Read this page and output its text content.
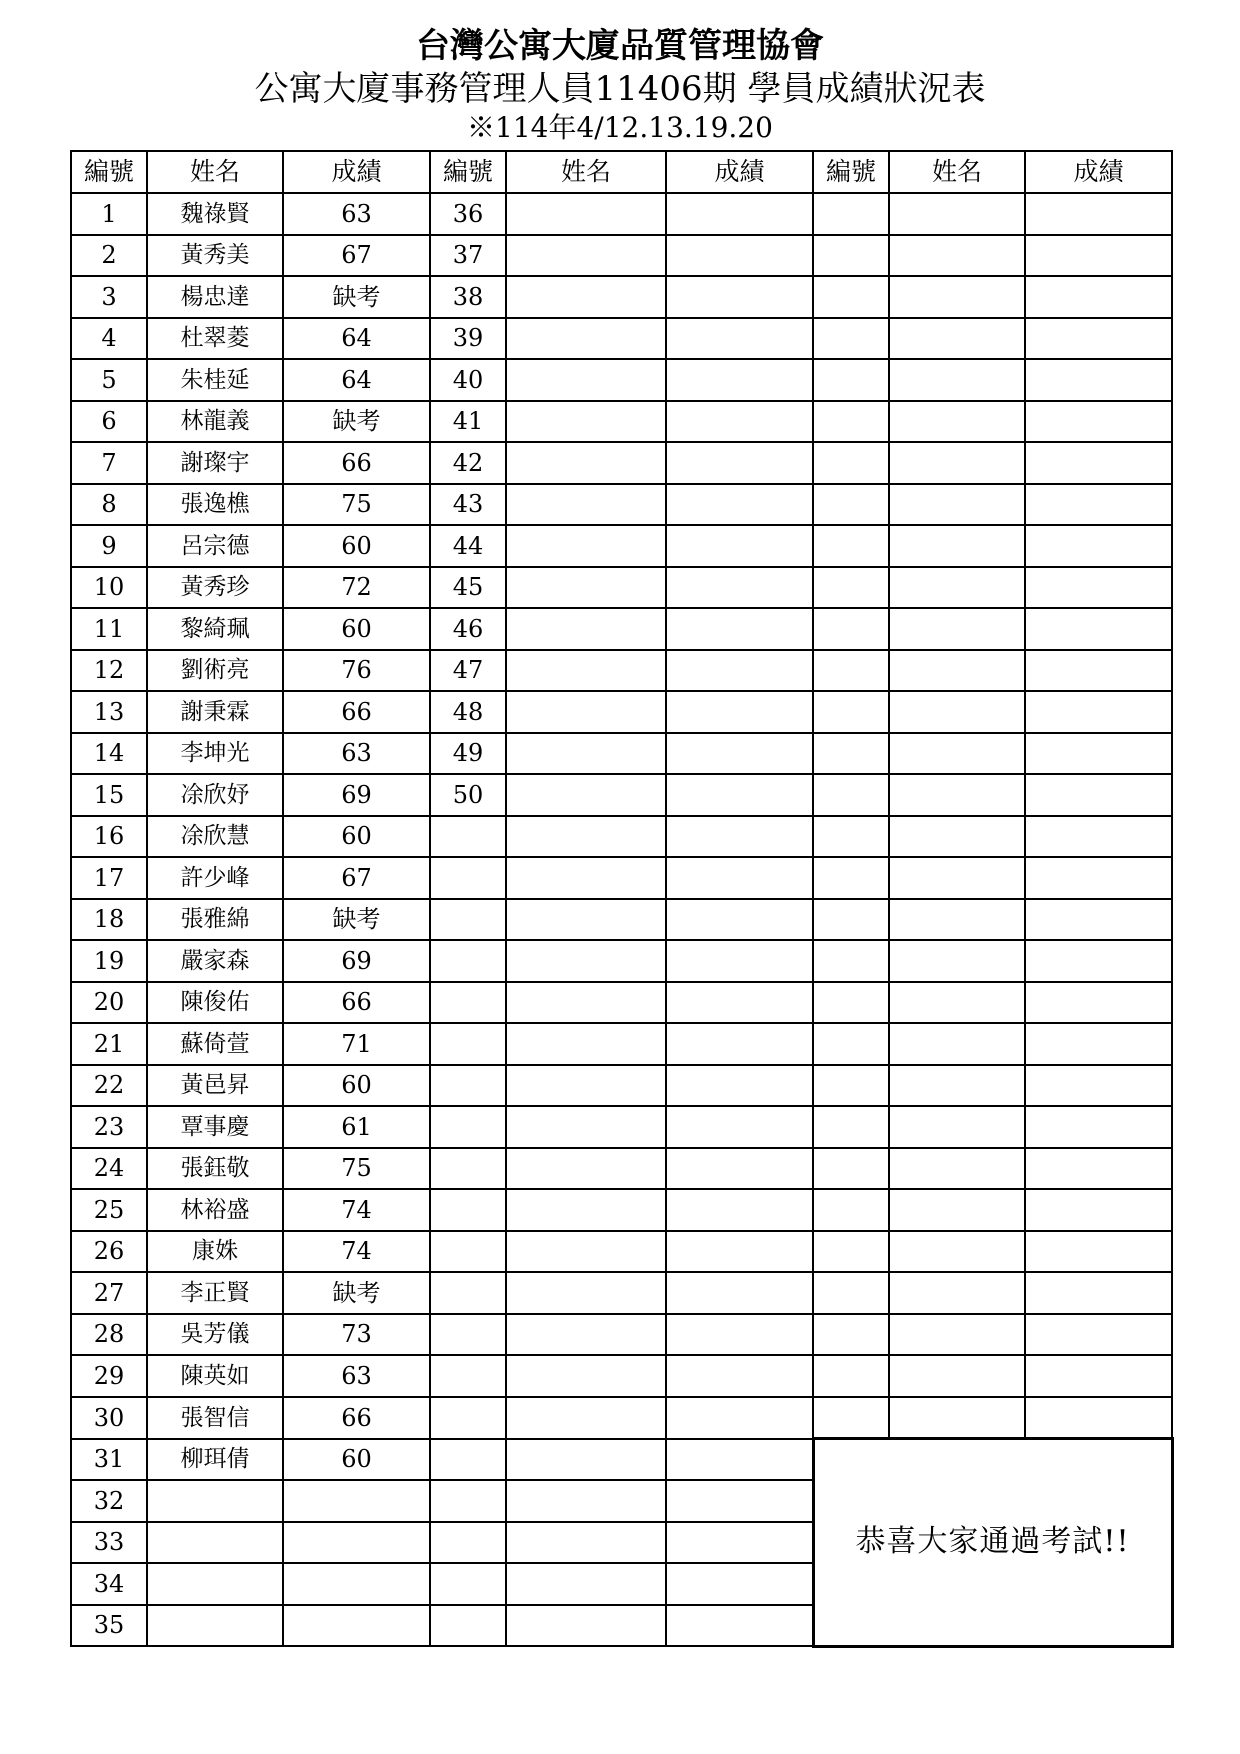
台灣公寓大廈品質管理協會
公寓大廈事務管理人員11406期 學員成績狀況表
※114年4/12.13.19.20
編號	姓名	成績	編號	姓名	成績	編號	姓名	成績
1	魏祿賢	63	36					
2	黃秀美	67	37					
3	楊忠達	缺考	38					
4	杜翠菱	64	39					
5	朱桂延	64	40					
6	林龍義	缺考	41					
7	謝璨宇	66	42					
8	張逸樵	75	43					
9	呂宗德	60	44					
10	黃秀珍	72	45					
11	黎綺珮	60	46					
12	劉術亮	76	47					
13	謝秉霖	66	48					
14	李坤光	63	49					
15	凃欣妤	69	50					
16	凃欣慧	60						
17	許少峰	67						
18	張雅綿	缺考						
19	嚴家森	69						
20	陳俊佑	66						
21	蘇倚萱	71						
22	黃邑昇	60						
23	覃事慶	61						
24	張鈺敬	75						
25	林裕盛	74						
26	康姝	74						
27	李正賢	缺考						
28	吳芳儀	73						
29	陳英如	63						
30	張智信	66						
31	柳珥倩	60				恭喜大家通過考試!!		
32								
33								
34								
35								
